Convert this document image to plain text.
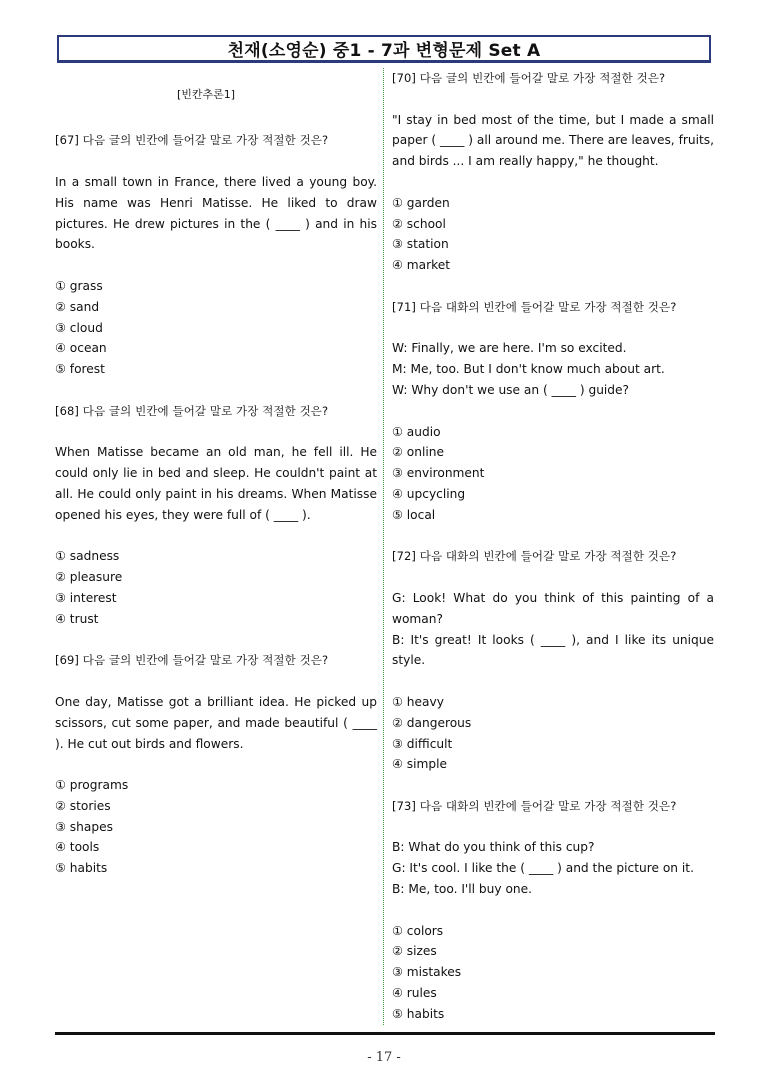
천재(소영순) 중1 - 7과 변형문제 Set A
[빈칸추론1]
[67] 다음 글의 빈칸에 들어갈 말로 가장 적절한 것은?

In a small town in France, there lived a young boy. His name was Henri Matisse. He liked to draw pictures. He drew pictures in the ( ____ ) and in his books.

① grass
② sand
③ cloud
④ ocean
⑤ forest
[68] 다음 글의 빈칸에 들어갈 말로 가장 적절한 것은?

When Matisse became an old man, he fell ill. He could only lie in bed and sleep. He couldn't paint at all. He could only paint in his dreams. When Matisse opened his eyes, they were full of ( ____ ).

① sadness
② pleasure
③ interest
④ trust
[69] 다음 글의 빈칸에 들어갈 말로 가장 적절한 것은?

One day, Matisse got a brilliant idea. He picked up scissors, cut some paper, and made beautiful ( ____ ). He cut out birds and flowers.

① programs
② stories
③ shapes
④ tools
⑤ habits
[70] 다음 글의 빈칸에 들어갈 말로 가장 적절한 것은?

"I stay in bed most of the time, but I made a small paper ( ____ ) all around me. There are leaves, fruits, and birds ... I am really happy," he thought.

① garden
② school
③ station
④ market
[71] 다음 대화의 빈칸에 들어갈 말로 가장 적절한 것은?

W: Finally, we are here. I'm so excited.

M: Me, too. But I don't know much about art.

W: Why don't we use an ( ____ ) guide?

① audio
② online
③ environment
④ upcycling
⑤ local
[72] 다음 대화의 빈칸에 들어갈 말로 가장 적절한 것은?

G: Look! What do you think of this painting of a woman?

B: It's great! It looks ( ____ ), and I like its unique style.

① heavy
② dangerous
③ difficult
④ simple
[73] 다음 대화의 빈칸에 들어갈 말로 가장 적절한 것은?

B: What do you think of this cup?

G: It's cool. I like the ( ____ ) and the picture on it.

B: Me, too. I'll buy one.

① colors
② sizes
③ mistakes
④ rules
⑤ habits
- 17 -
